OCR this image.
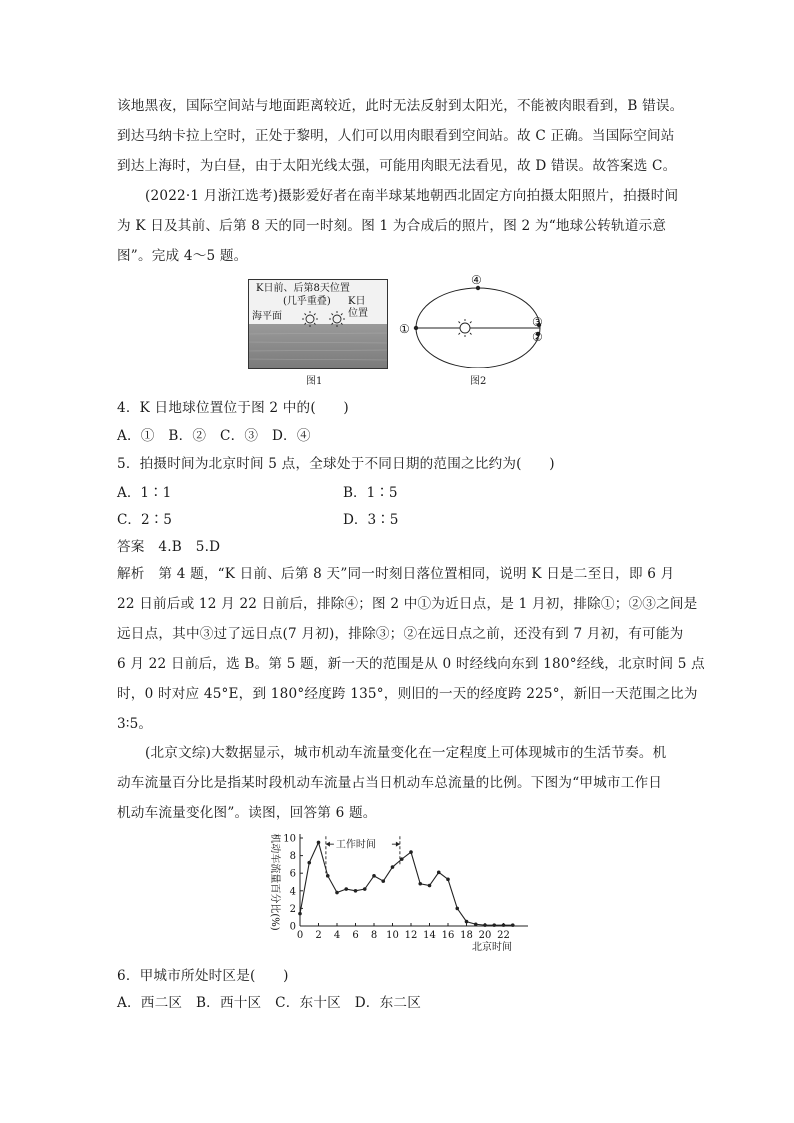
该地黑夜，国际空间站与地面距离较近，此时无法反射到太阳光，不能被肉眼看到，B 错误。
到达马纳卡拉上空时，正处于黎明，人们可以用肉眼看到空间站。故 C 正确。当国际空间站
到达上海时，为白昼，由于太阳光线太强，可能用肉眼无法看见，故 D 错误。故答案选 C。
(2022·1 月浙江选考)摄影爱好者在南半球某地朝西北固定方向拍摄太阳照片，拍摄时间
为 K 日及其前、后第 8 天的同一时刻。图 1 为合成后的照片，图 2 为“地球公转轨道示意
图”。完成 4～5 题。
K日前、后第8天位置
(几乎重叠) K日
位置
海平面
图1
①
④
③
②
图2
4．K 日地球位置位于图 2 中的(　　)
A．①　B．②　C．③　D．④
5．拍摄时间为北京时间 5 点，全球处于不同日期的范围之比约为(　　)
A．1∶1	B．1∶5
C．2∶5	D．3∶5
答案　4.B　5.D
解析　第 4 题，“K 日前、后第 8 天”同一时刻日落位置相同，说明 K 日是二至日，即 6 月
22 日前后或 12 月 22 日前后，排除④；图 2 中①为近日点，是 1 月初，排除①；②③之间是
远日点，其中③过了远日点(7 月初)，排除③；②在远日点之前，还没有到 7 月初，有可能为
6 月 22 日前后，选 B。第 5 题，新一天的范围是从 0 时经线向东到 180°经线，北京时间 5 点
时，0 时对应 45°E，到 180°经度跨 135°，则旧的一天的经度跨 225°，新旧一天范围之比为
3∶5。
(北京文综)大数据显示，城市机动车流量变化在一定程度上可体现城市的生活节奏。机
动车流量百分比是指某时段机动车流量占当日机动车总流量的比例。下图为“甲城市工作日
机动车流量变化图”。读图，回答第 6 题。
0
2
4
6
8
10
0 2 4 6 8 10 12 14 16 18 20 22
机动车流量百分比(%)
北京时间
工作时间
6．甲城市所处时区是(　　)
A．西二区　B．西十区　C．东十区　D．东二区
